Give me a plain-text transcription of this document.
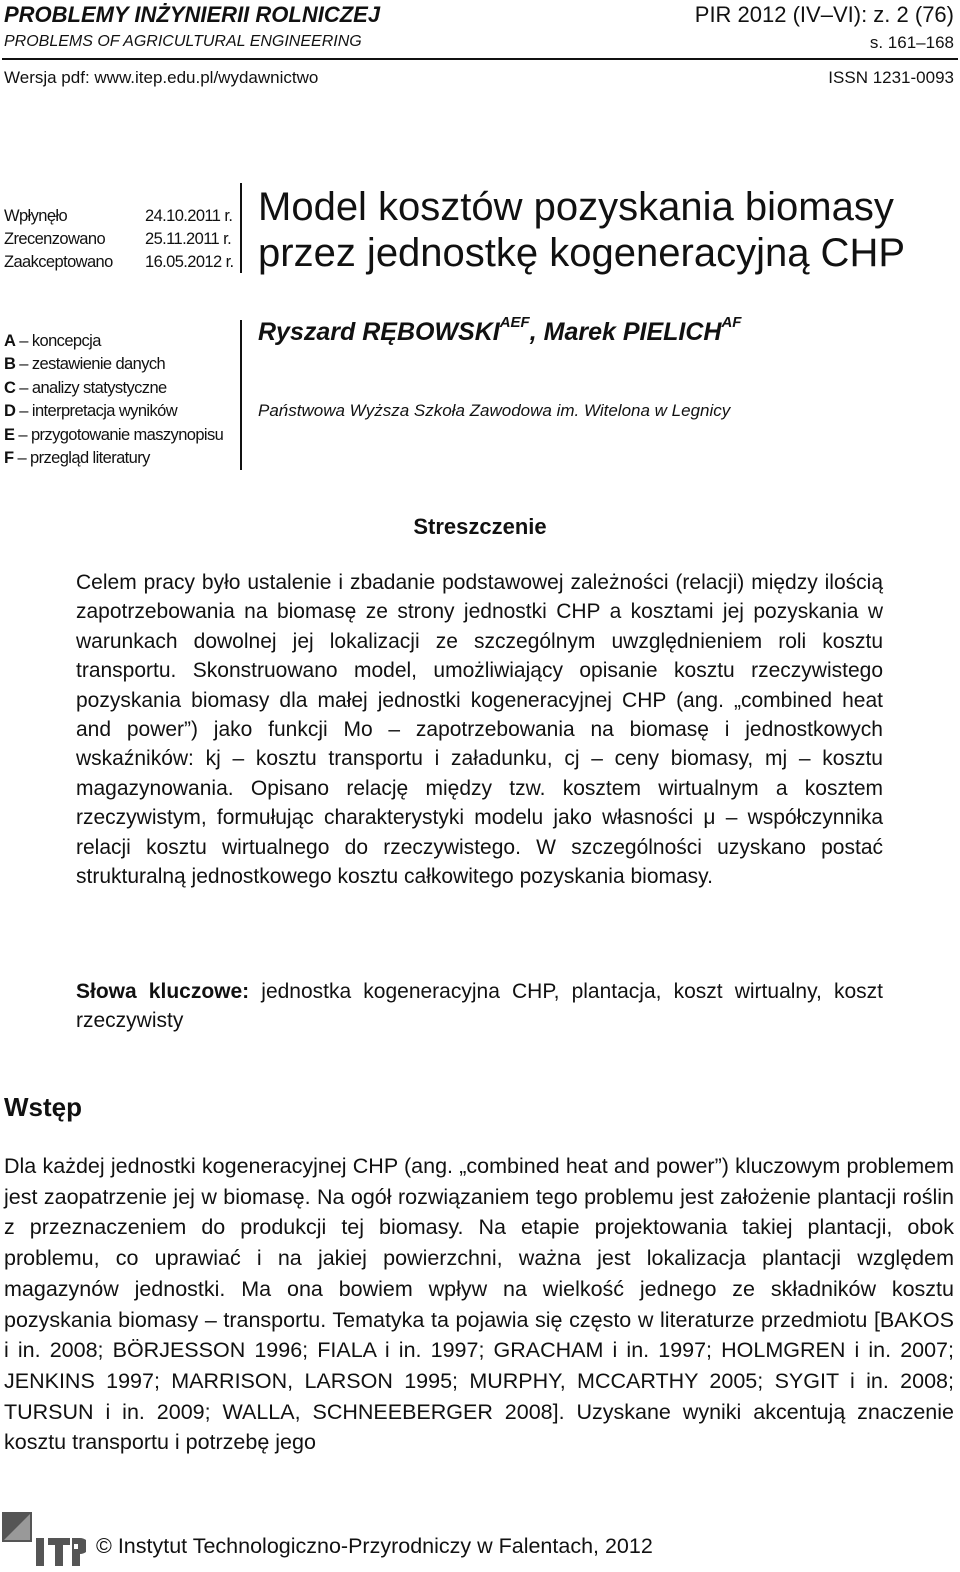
PROBLEMY INŻYNIERII ROLNICZEJ
PROBLEMS OF AGRICULTURAL ENGINEERING
PIR 2012 (IV–VI): z. 2 (76)
s. 161–168
Wersja pdf: www.itep.edu.pl/wydawnictwo	ISSN 1231-0093
Wpłynęło	24.10.2011 r.
Zrecenzowano	25.11.2011 r.
Zaakceptowano	16.05.2012 r.
Model kosztów pozyskania biomasy
przez jednostkę kogeneracyjną CHP
A – koncepcja
B – zestawienie danych
C – analizy statystyczne
D – interpretacja wyników
E – przygotowanie maszynopisu
F – przegląd literatury
Ryszard $RĘBOWSKI^{AEF}$, Marek $PIELICH^{AF}$
Państwowa Wyższa Szkoła Zawodowa im. Witelona w Legnicy
Streszczenie
Celem pracy było ustalenie i zbadanie podstawowej zależności (relacji) między ilością zapotrzebowania na biomasę ze strony jednostki CHP a kosztami jej pozyskania w warunkach dowolnej jej lokalizacji ze szczególnym uwzględnieniem roli kosztu transportu. Skonstruowano model, umożliwiający opisanie kosztu rzeczywistego pozyskania biomasy dla małej jednostki kogeneracyjnej CHP (ang. „combined heat and power”) jako funkcji Mo – zapotrzebowania na biomasę i jednostkowych wskaźników: kj – kosztu transportu i załadunku, cj – ceny biomasy, mj – kosztu magazynowania. Opisano relację między tzw. kosztem wirtualnym a kosztem rzeczywistym, formułując charakterystyki modelu jako własności μ – współczynnika relacji kosztu wirtualnego do rzeczywistego. W szczególności uzyskano postać strukturalną jednostkowego kosztu całkowitego pozyskania biomasy.
Słowa kluczowe: jednostka kogeneracyjna CHP, plantacja, koszt wirtualny, koszt rzeczywisty
Wstęp
Dla każdej jednostki kogeneracyjnej CHP (ang. „combined heat and power”) kluczowym problemem jest zaopatrzenie jej w biomasę. Na ogół rozwiązaniem tego problemu jest założenie plantacji roślin z przeznaczeniem do produkcji tej biomasy. Na etapie projektowania takiej plantacji, obok problemu, co uprawiać i na jakiej powierzchni, ważna jest lokalizacja plantacji względem magazynów jednostki. Ma ona bowiem wpływ na wielkość jednego ze składników kosztu pozyskania biomasy – transportu. Tematyka ta pojawia się często w literaturze przedmiotu [BAKOS i in. 2008; BÖRJESSON 1996; FIALA i in. 1997; GRACHAM i in. 1997; HOLMGREN i in. 2007; JENKINS 1997; MARRISON, LARSON 1995; MURPHY, MCCARTHY 2005; SYGIT i in. 2008; TURSUN i in. 2009; WALLA, SCHNEEBERGER 2008]. Uzyskane wyniki akcentują znaczenie kosztu transportu i potrzebę jego
© Instytut Technologiczno-Przyrodniczy w Falentach, 2012
